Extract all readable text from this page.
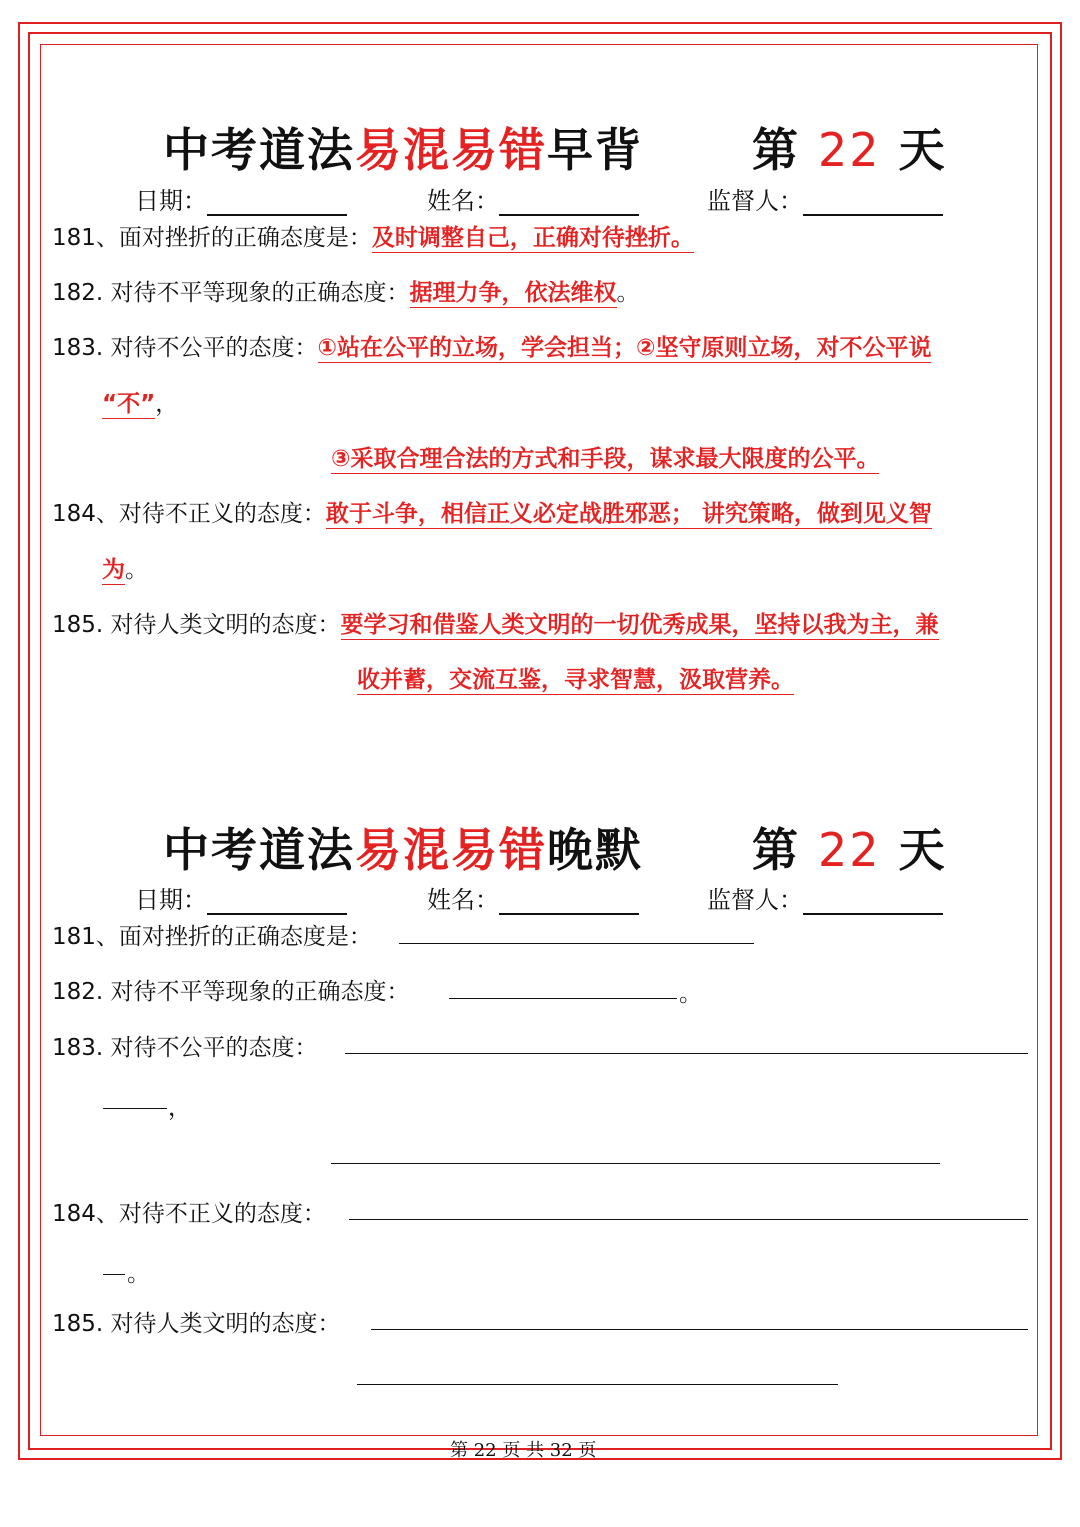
中考道法易混易错早背 第 22 天
日期：	姓名：	监督人：
181、面对挫折的正确态度是：及时调整自己，正确对待挫折。
182. 对待不平等现象的正确态度：据理力争，依法维权。
183. 对待不公平的态度：①站在公平的立场，学会担当；②坚守原则立场，对不公平说
“不”，
③采取合理合法的方式和手段，谋求最大限度的公平。
184、对待不正义的态度：敢于斗争，相信正义必定战胜邪恶； 讲究策略，做到见义智
为。
185. 对待人类文明的态度：要学习和借鉴人类文明的一切优秀成果，坚持以我为主，兼
收并蓄，交流互鉴，寻求智慧，汲取营养。
中考道法易混易错晚默 第 22 天
日期：	姓名：	监督人：
181、面对挫折的正确态度是：
182. 对待不平等现象的正确态度：	。
183. 对待不公平的态度：
，
184、对待不正义的态度：
。
185. 对待人类文明的态度：
第 22 页 共 32 页
